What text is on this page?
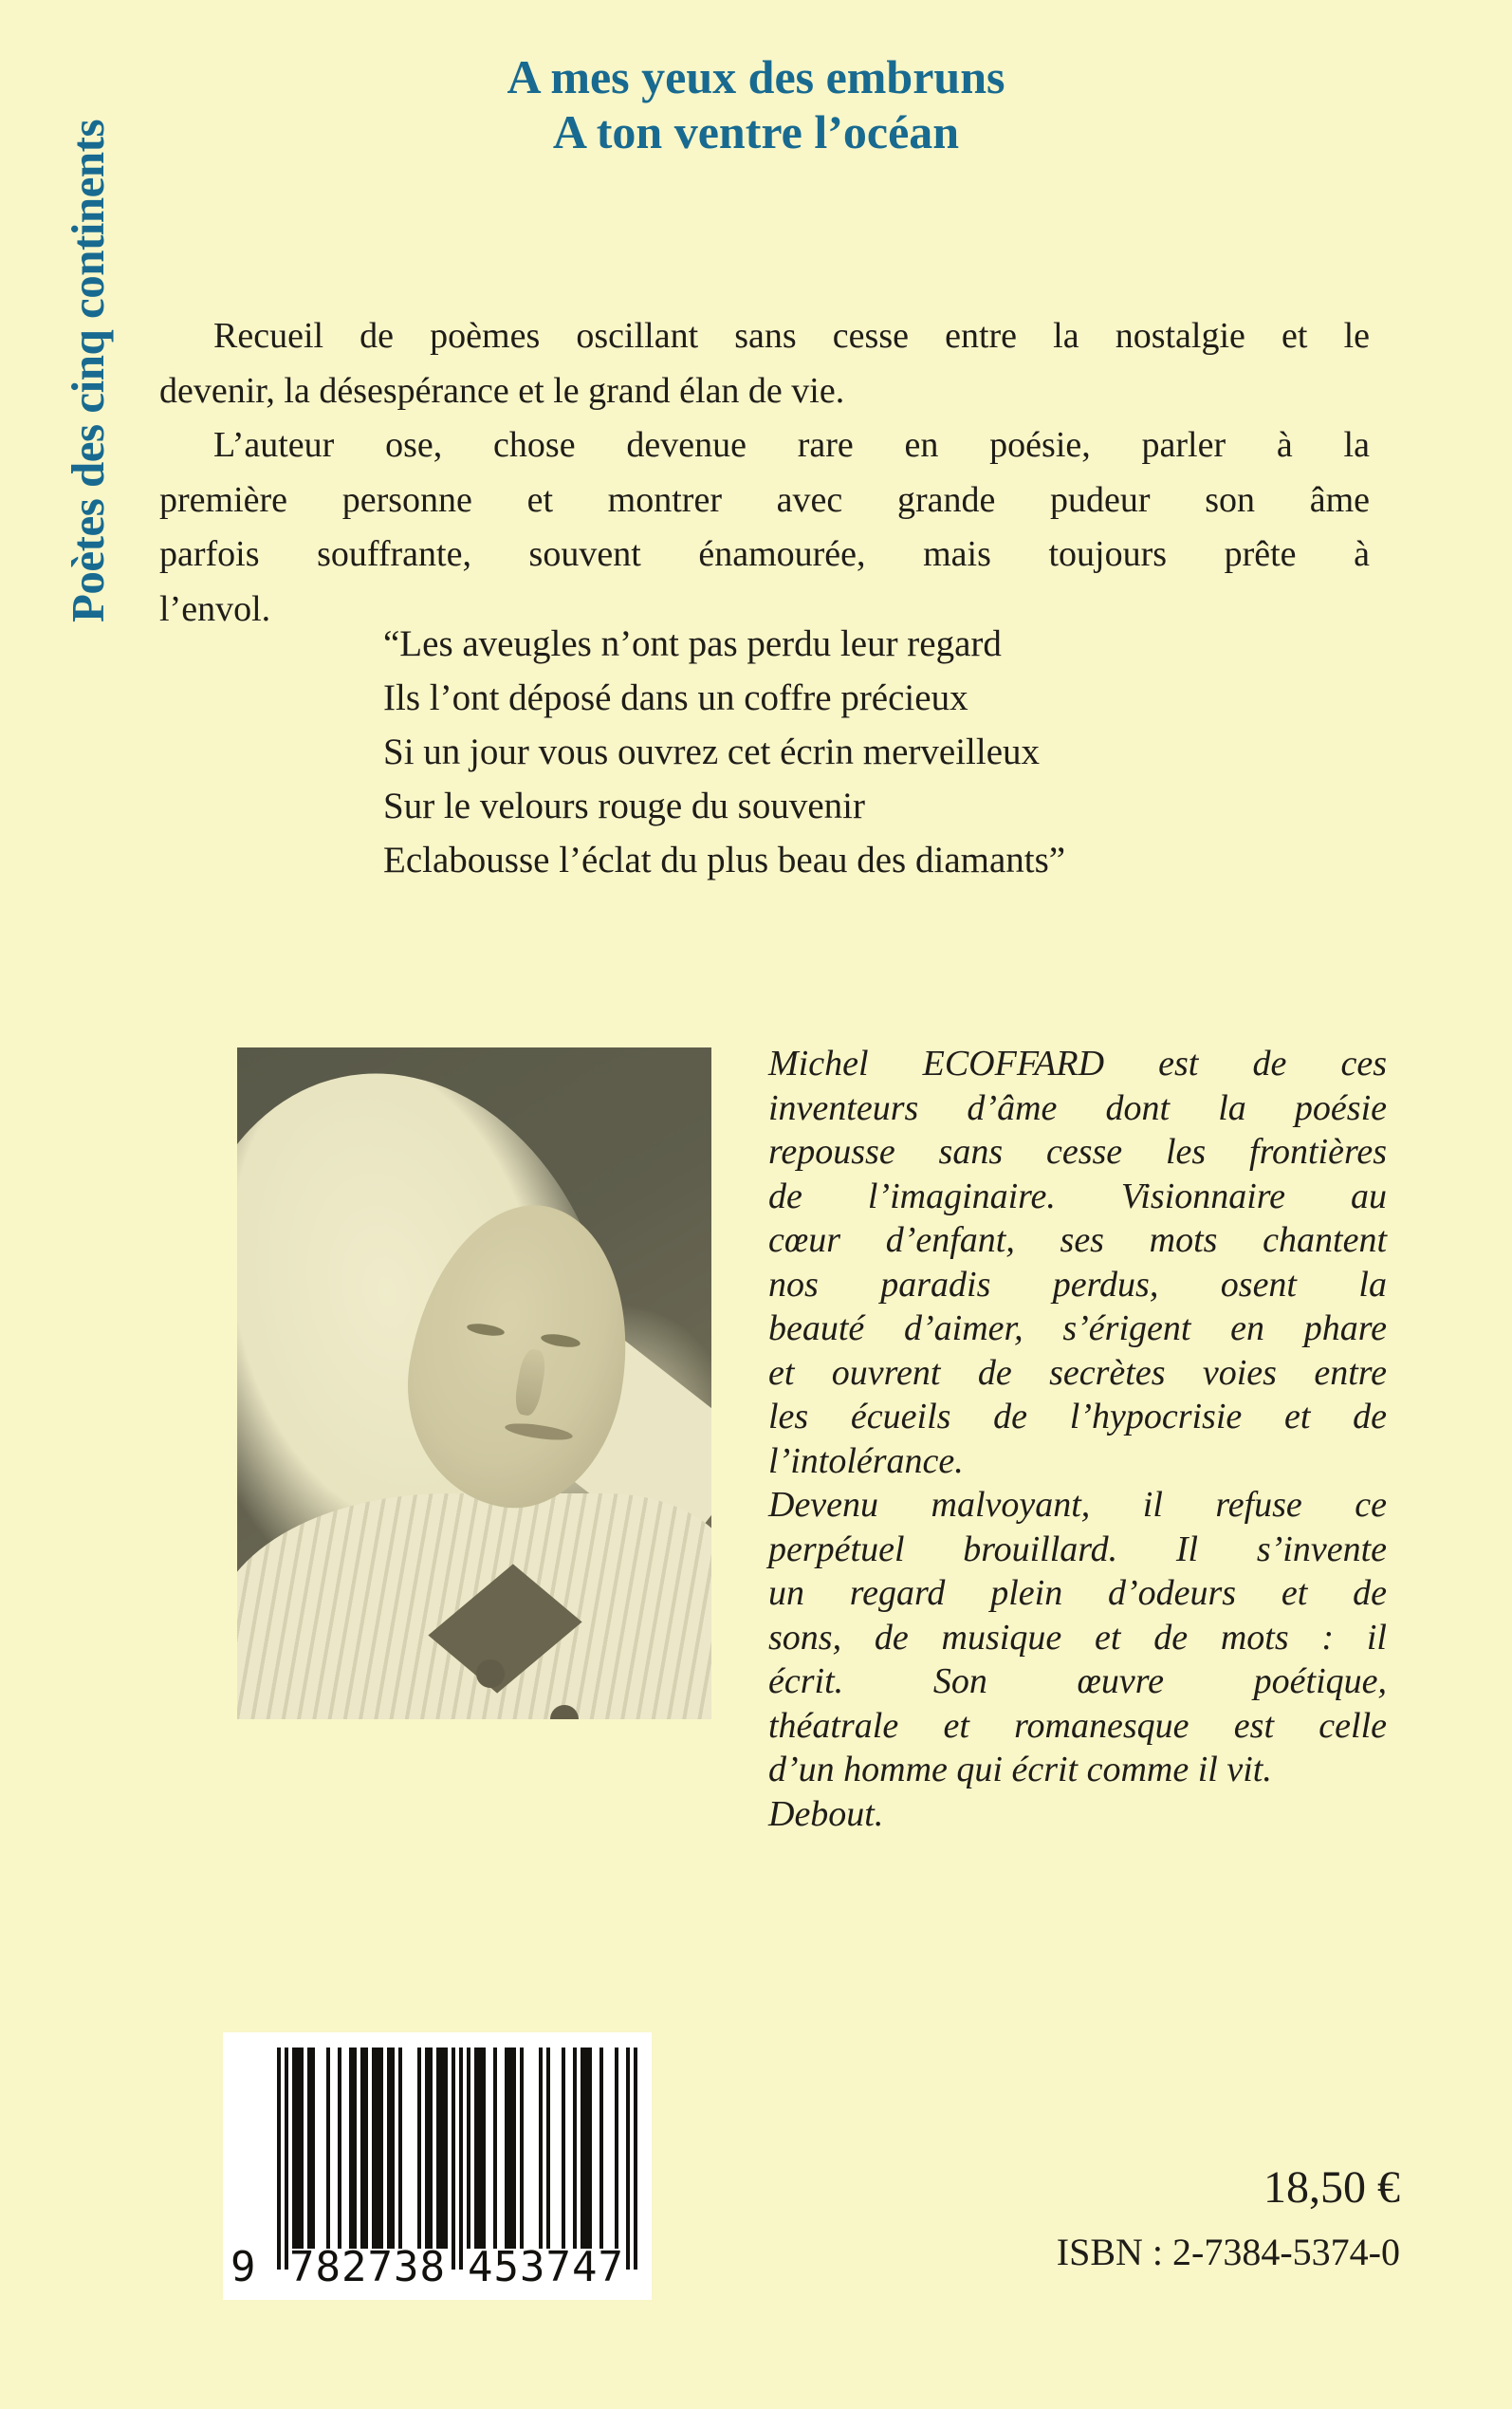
Poètes des cinq continents
A mes yeux des embruns
A ton ventre l’océan
Recueil de poèmes oscillant sans cesse entre la nostalgie et le
devenir, la désespérance et le grand élan de vie.
L’auteur ose, chose devenue rare en poésie, parler à la
première personne et montrer avec grande pudeur son âme
parfois souffrante, souvent énamourée, mais toujours prête à
l’envol.
“Les aveugles n’ont pas perdu leur regard
Ils l’ont déposé dans un coffre précieux
Si un jour vous ouvrez cet écrin merveilleux
Sur le velours rouge du souvenir
Eclabousse l’éclat du plus beau des diamants”
Michel ECOFFARD est de ces
inventeurs d’âme dont la poésie
repousse sans cesse les frontières
de l’imaginaire. Visionnaire au
cœur d’enfant, ses mots chantent
nos paradis perdus, osent la
beauté d’aimer, s’érigent en phare
et ouvrent de secrètes voies entre
les écueils de l’hypocrisie et de
l’intolérance.
Devenu malvoyant, il refuse ce
perpétuel brouillard. Il s’invente
un regard plein d’odeurs et de
sons, de musique et de mots : il
écrit. Son œuvre poétique,
théatrale et romanesque est celle
d’un homme qui écrit comme il vit.
Debout.
9 782738 453747
18,50 €
ISBN : 2-7384-5374-0
